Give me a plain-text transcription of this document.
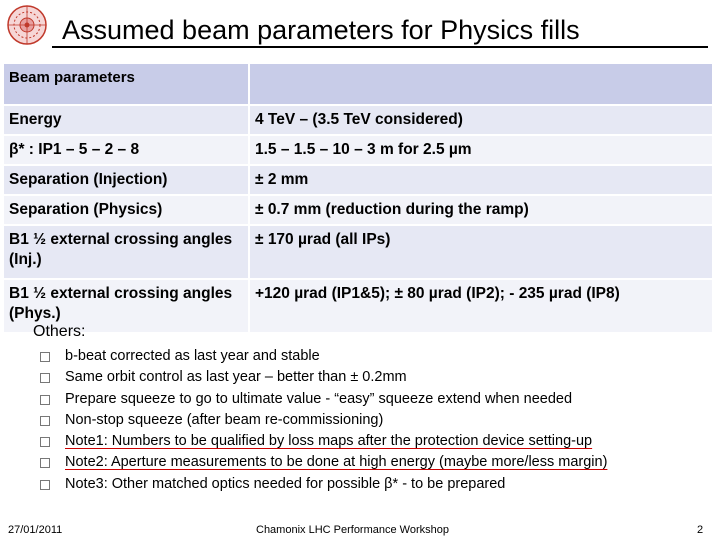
Assumed beam parameters for Physics fills
Beam parameters	
Energy	4 TeV – (3.5 TeV considered)
β* : IP1 – 5 – 2 – 8	1.5 – 1.5 – 10 – 3 m for 2.5 µm
Separation (Injection)	± 2 mm
Separation (Physics)	± 0.7 mm (reduction during the ramp)
B1 ½ external crossing angles (Inj.)	± 170 µrad (all IPs)
B1 ½ external crossing angles (Phys.)	+120 µrad (IP1&5); ± 80 µrad (IP2); - 235 µrad (IP8)
Others:
b-beat corrected as last year and stable
Same orbit control as last year – better than ± 0.2mm
Prepare squeeze to go to ultimate value - “easy” squeeze extend when needed
Non-stop squeeze (after beam re-commissioning)
Note1: Numbers to be qualified by loss maps after the protection device setting-up
Note2: Aperture measurements to be done at high energy (maybe more/less margin)
Note3: Other matched optics needed for possible β* - to be prepared
27/01/2011	Chamonix LHC Performance Workshop	2
